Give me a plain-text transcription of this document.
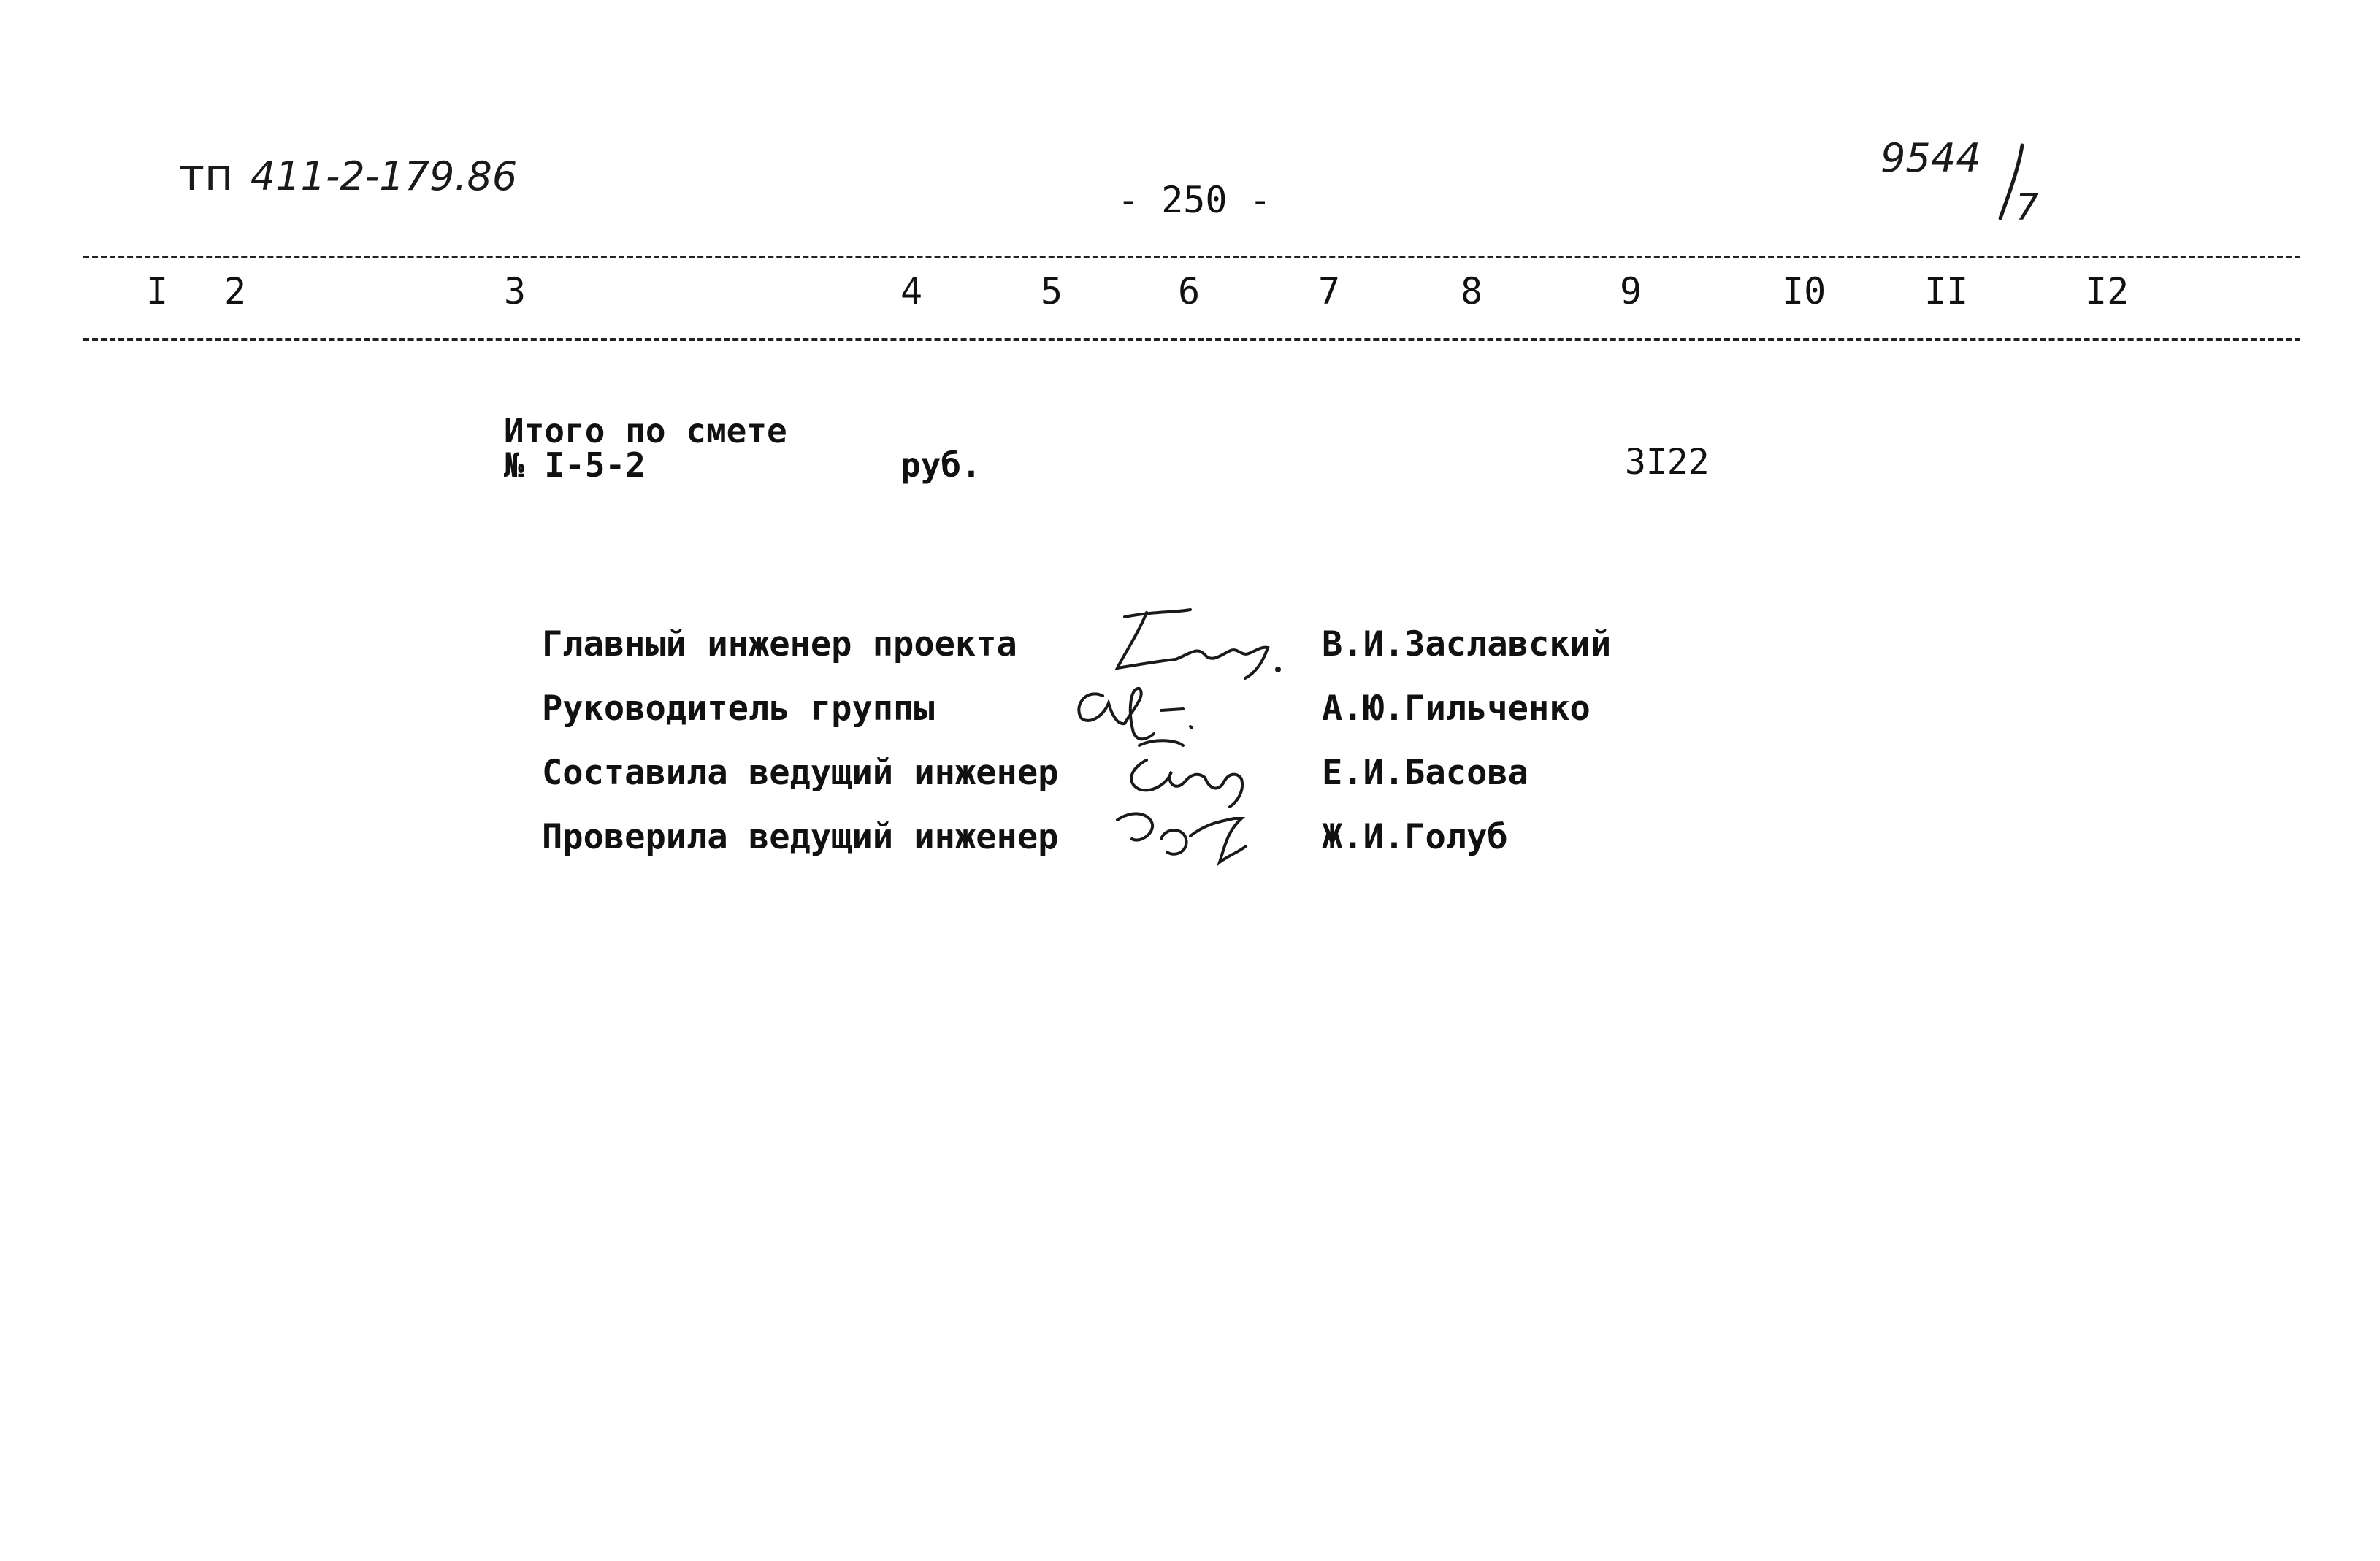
тп 411-2-179.86
- 250 -
9544
7
I 2	3	4	5	6	7	8	9	I0	II	I2
Итого по смете
№ I-5-2	руб.	3I22
Главный инженер проекта	В.И.Заславский
Руководитель группы	А.Ю.Гильченко
Составила ведущий инженер	Е.И.Басова
Проверила ведущий инженер	Ж.И.Голуб
